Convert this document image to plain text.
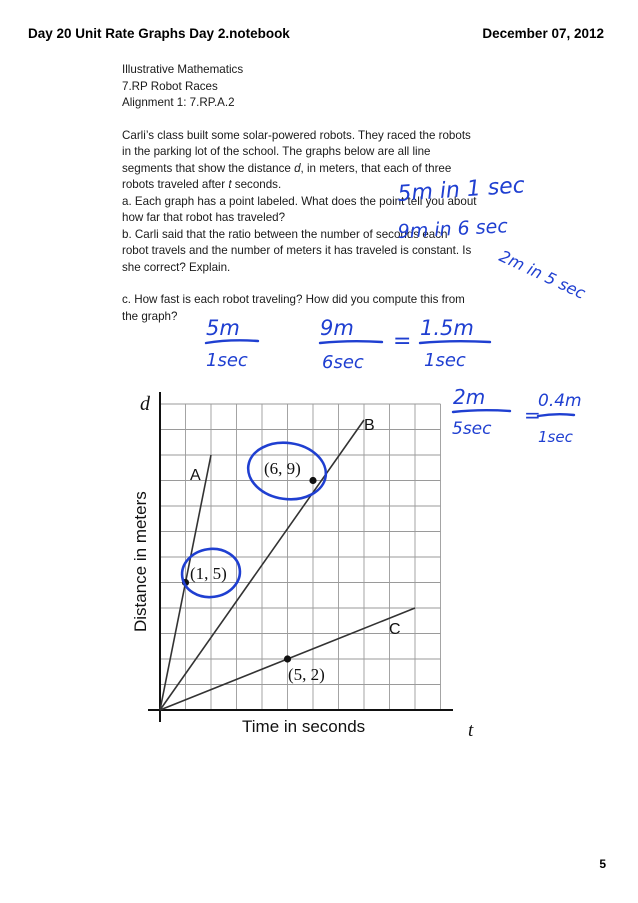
Day 20 Unit Rate Graphs Day 2.notebook	December 07, 2012

Illustrative Mathematics

7.RP Robot Races

Alignment 1: 7.RP.A.2

Carli’s class built some solar-powered robots. They raced the robots

in the parking lot of the school. The graphs below are all line

segments that show the distance d, in meters, that each of three

robots traveled after t seconds.

a. Each graph has a point labeled. What does the point tell you about

how far that robot has traveled?

b. Carli said that the ratio between the number of seconds each

robot travels and the number of meters it has traveled is constant. Is

she correct? Explain.

c. How fast is each robot traveling? How did you compute this from

the graph?

d
t
Distance in meters
Time in seconds
A
B
C
(1, 5)
(6, 9)
(5, 2)
5m in 1 sec
9m in 6 sec
2m in 5 sec
5m
1sec
9m
6sec
=
1.5m
1sec
2m
5sec
=
0.4m
1sec
5
